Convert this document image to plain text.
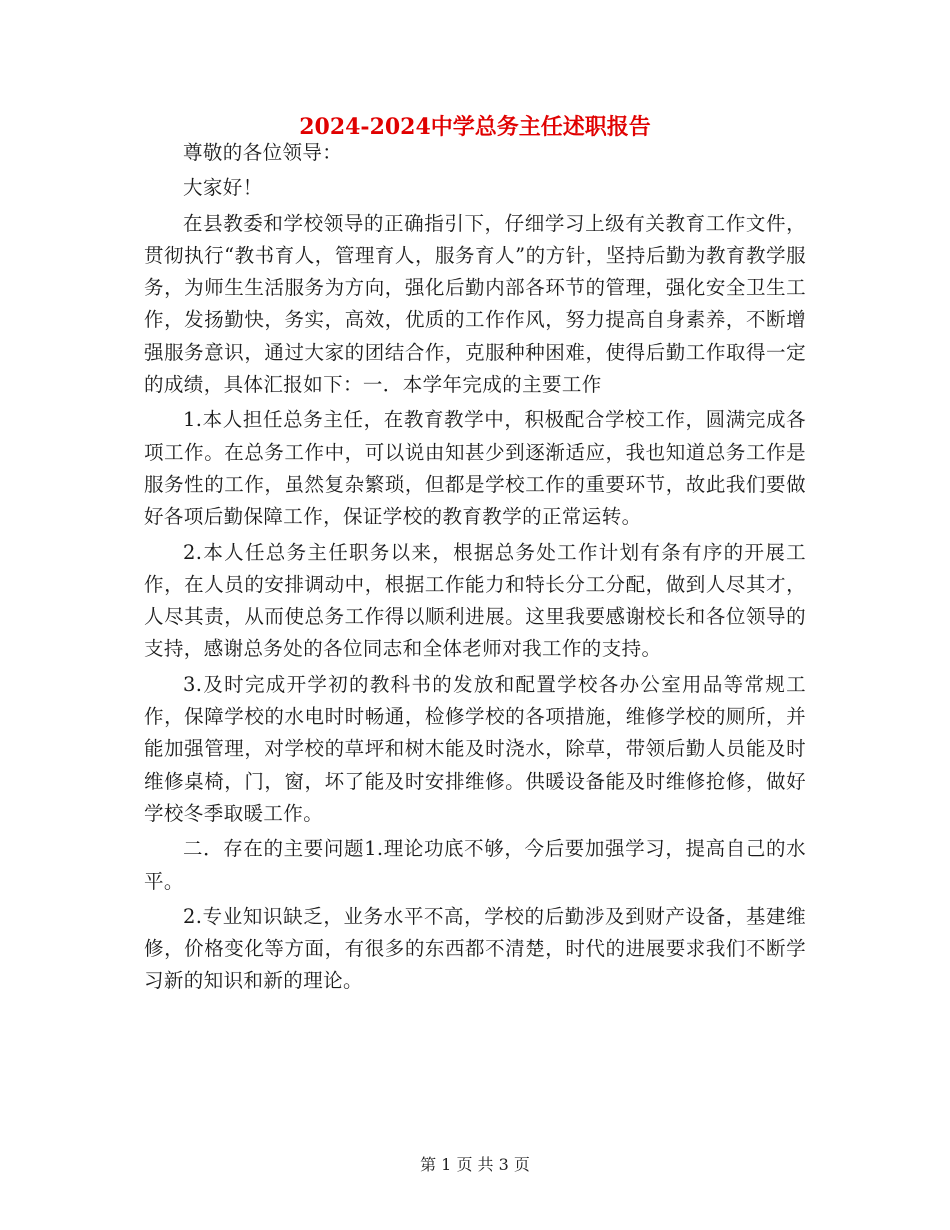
2024-2024中学总务主任述职报告

尊敬的各位领导：

大家好！

在县教委和学校领导的正确指引下，仔细学习上级有关教育工作文件，贯彻执行“教书育人，管理育人，服务育人”的方针，坚持后勤为教育教学服务，为师生生活服务为方向，强化后勤内部各环节的管理，强化安全卫生工作，发扬勤快，务实，高效，优质的工作作风，努力提高自身素养，不断增强服务意识，通过大家的团结合作，克服种种困难，使得后勤工作取得一定的成绩，具体汇报如下：一．本学年完成的主要工作

1.本人担任总务主任，在教育教学中，积极配合学校工作，圆满完成各项工作。在总务工作中，可以说由知甚少到逐渐适应，我也知道总务工作是服务性的工作，虽然复杂繁琐，但都是学校工作的重要环节，故此我们要做好各项后勤保障工作，保证学校的教育教学的正常运转。

2.本人任总务主任职务以来，根据总务处工作计划有条有序的开展工作，在人员的安排调动中，根据工作能力和特长分工分配，做到人尽其才，人尽其责，从而使总务工作得以顺利进展。这里我要感谢校长和各位领导的支持，感谢总务处的各位同志和全体老师对我工作的支持。

3.及时完成开学初的教科书的发放和配置学校各办公室用品等常规工作，保障学校的水电时时畅通，检修学校的各项措施，维修学校的厕所，并能加强管理，对学校的草坪和树木能及时浇水，除草，带领后勤人员能及时维修桌椅，门，窗，坏了能及时安排维修。供暖设备能及时维修抢修，做好学校冬季取暖工作。

二．存在的主要问题1.理论功底不够，今后要加强学习，提高自己的水平。

2.专业知识缺乏，业务水平不高，学校的后勤涉及到财产设备，基建维修，价格变化等方面，有很多的东西都不清楚，时代的进展要求我们不断学习新的知识和新的理论。

第 1 页 共 3 页
